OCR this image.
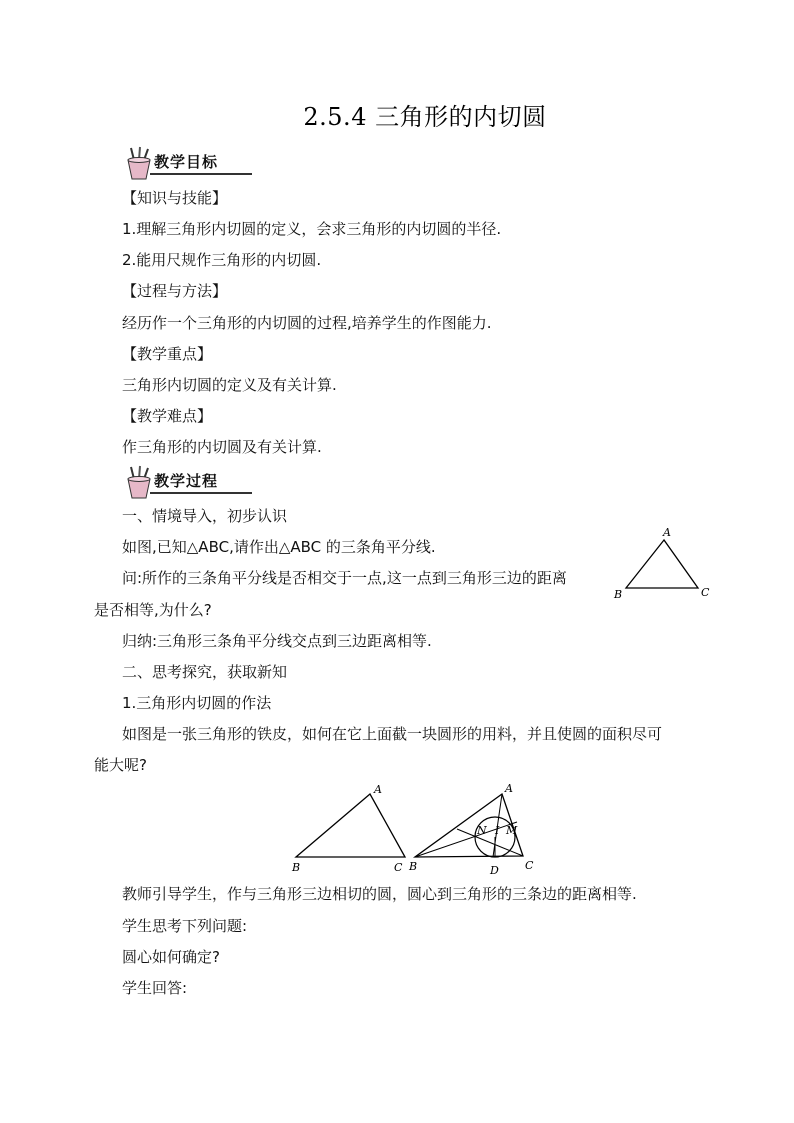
2.5.4 三角形的内切圆
教学目标
【知识与技能】
1.理解三角形内切圆的定义，会求三角形的内切圆的半径.
2.能用尺规作三角形的内切圆.
【过程与方法】
经历作一个三角形的内切圆的过程,培养学生的作图能力.
【教学重点】
三角形内切圆的定义及有关计算.
【教学难点】
作三角形的内切圆及有关计算.
教学过程
一、情境导入，初步认识
如图,已知△ABC,请作出△ABC 的三条角平分线.
问:所作的三条角平分线是否相交于一点,这一点到三角形三边的距离
是否相等,为什么?
归纳:三角形三条角平分线交点到三边距离相等.
二、思考探究，获取新知
1.三角形内切圆的作法
如图是一张三角形的铁皮，如何在它上面截一块圆形的用料，并且使圆的面积尽可
能大呢?
教师引导学生，作与三角形三边相切的圆，圆心到三角形的三条边的距离相等.
学生思考下列问题:
圆心如何确定?
学生回答:
A
B	C
A
B	C
A
B	C
D
N I M
